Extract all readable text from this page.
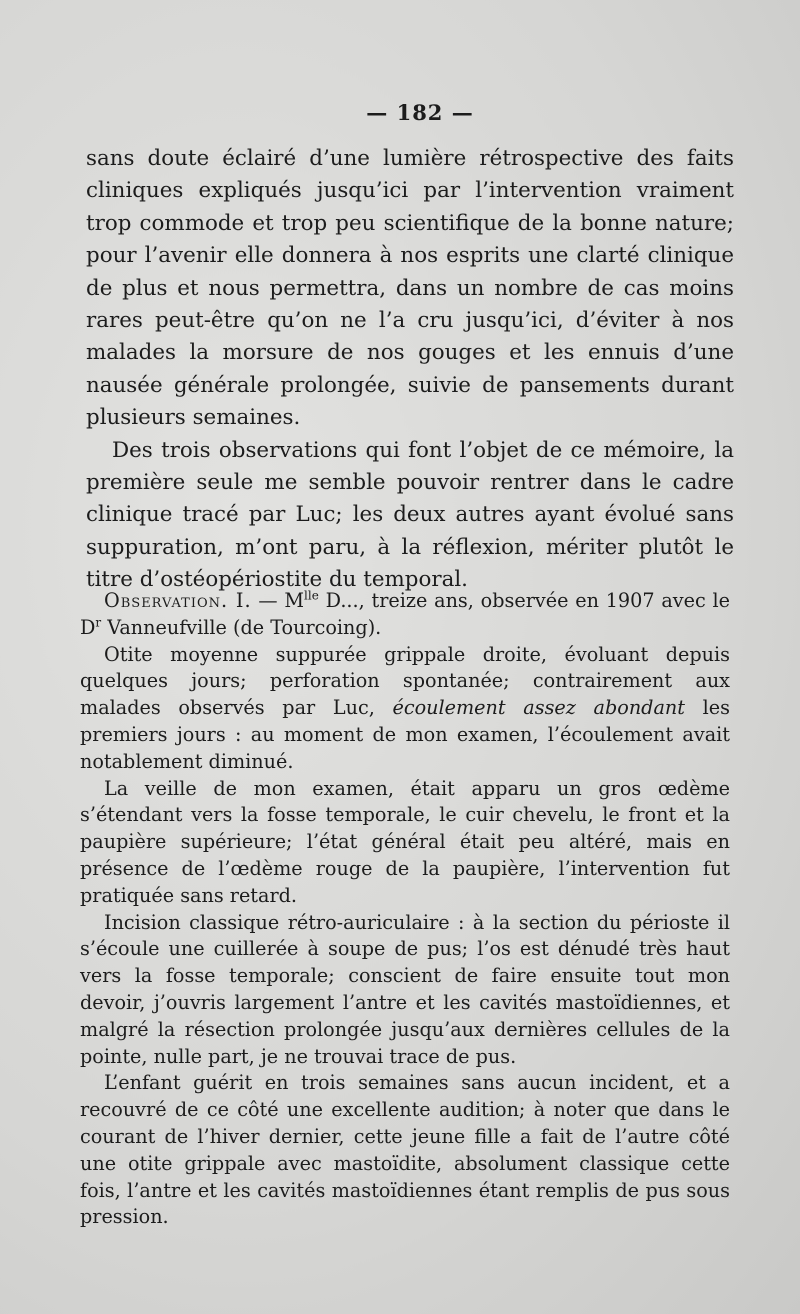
— 182 —

sans doute éclairé d’une lumière rétrospective des faits cliniques expliqués jusqu’ici par l’intervention vraiment trop commode et trop peu scientifique de la bonne nature; pour l’avenir elle donnera à nos esprits une clarté clinique de plus et nous permettra, dans un nombre de cas moins rares peut-être qu’on ne l’a cru jusqu’ici, d’éviter à nos malades la morsure de nos gouges et les ennuis d’une nausée générale prolongée, suivie de pansements durant plusieurs semaines.

Des trois observations qui font l’objet de ce mémoire, la première seule me semble pouvoir rentrer dans le cadre clinique tracé par Luc; les deux autres ayant évolué sans suppuration, m’ont paru, à la réflexion, mériter plutôt le titre d’ostéopériostite du temporal.

Observation. I. — $M^{lle}$ D..., treize ans, observée en 1907 avec le $D^r$ Vanneufville (de Tourcoing).

Otite moyenne suppurée grippale droite, évoluant depuis quelques jours; perforation spontanée; contrairement aux malades observés par Luc, écoulement assez abondant les premiers jours : au moment de mon examen, l’écoulement avait notablement diminué.

La veille de mon examen, était apparu un gros œdème s’étendant vers la fosse temporale, le cuir chevelu, le front et la paupière supérieure; l’état général était peu altéré, mais en présence de l’œdème rouge de la paupière, l’intervention fut pratiquée sans retard.

Incision classique rétro-auriculaire : à la section du périoste il s’écoule une cuillerée à soupe de pus; l’os est dénudé très haut vers la fosse temporale; conscient de faire ensuite tout mon devoir, j’ouvris largement l’antre et les cavités mastoïdiennes, et malgré la résection prolongée jusqu’aux dernières cellules de la pointe, nulle part, je ne trouvai trace de pus.

L’enfant guérit en trois semaines sans aucun incident, et a recouvré de ce côté une excellente audition; à noter que dans le courant de l’hiver dernier, cette jeune fille a fait de l’autre côté une otite grippale avec mastoïdite, absolument classique cette fois, l’antre et les cavités mastoïdiennes étant remplis de pus sous pression.
